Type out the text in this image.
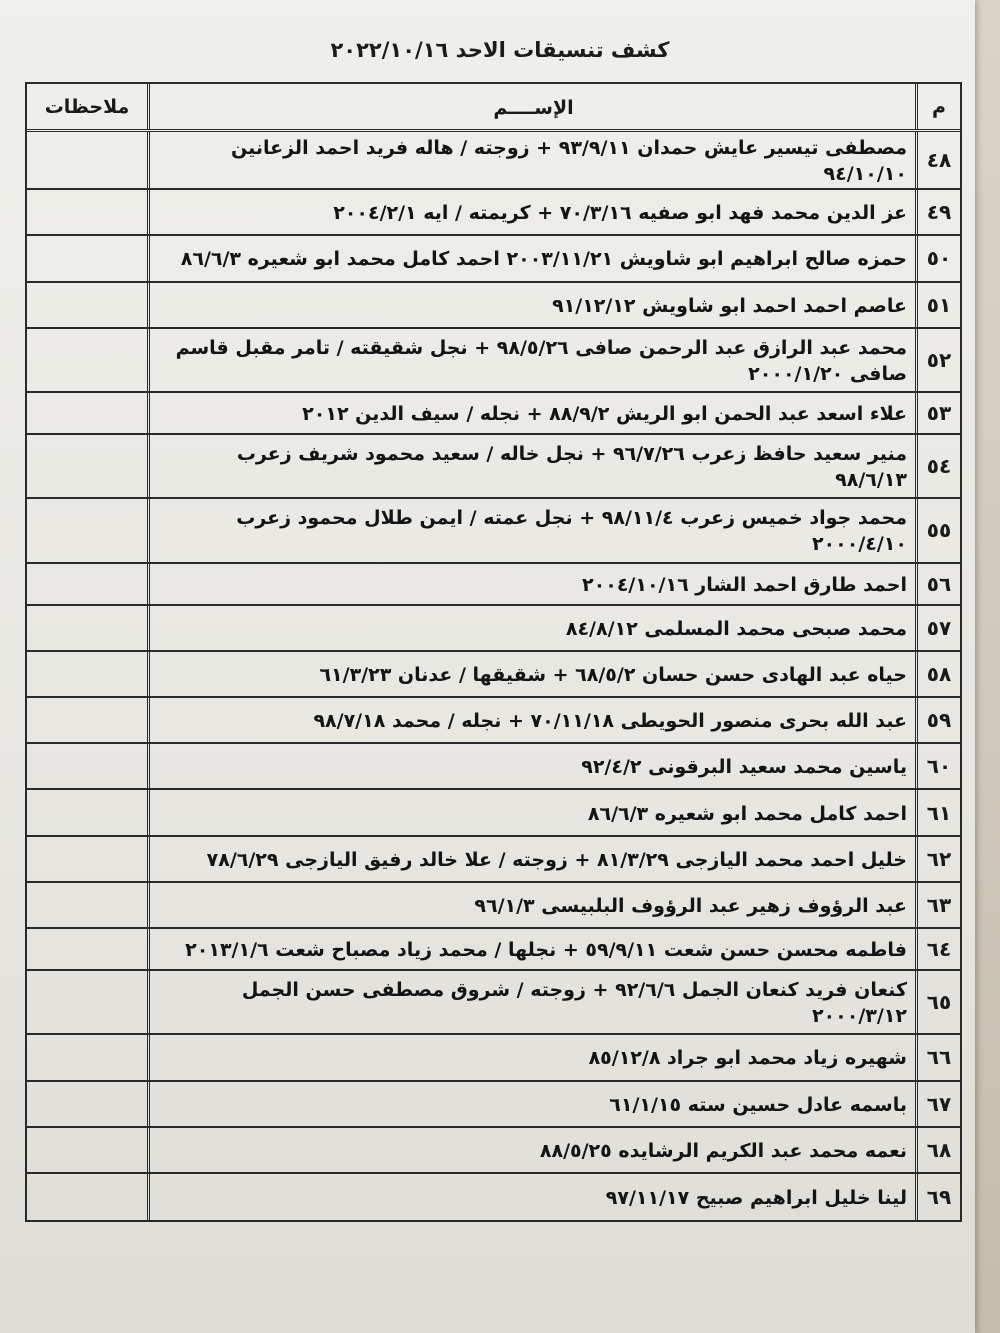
كشف تنسيقات الاحد ٢٠٢٢/١٠/١٦
م
الإســــم
ملاحظات
٤٨
مصطفى تيسير عايش حمدان ٩٣/٩/١١ + زوجته / هاله فريد احمد الزعانين ٩٤/١٠/١٠
٤٩
عز الدين محمد فهد ابو صفيه ٧٠/٣/١٦ + كريمته / ايه ٢٠٠٤/٢/١
٥٠
حمزه صالح ابراهيم ابو شاويش ٢٠٠٣/١١/٢١ احمد كامل محمد ابو شعيره ٨٦/٦/٣
٥١
عاصم احمد احمد ابو شاويش ٩١/١٢/١٢
٥٢
محمد عبد الرازق عبد الرحمن صافى ٩٨/٥/٢٦ + نجل شقيقته / تامر مقبل قاسم صافى ٢٠٠٠/١/٢٠
٥٣
علاء اسعد عبد الحمن ابو الريش ٨٨/٩/٢ + نجله / سيف الدين ٢٠١٢
٥٤
منير سعيد حافظ زعرب ٩٦/٧/٢٦ + نجل خاله / سعيد محمود شريف زعرب ٩٨/٦/١٣
٥٥
محمد جواد خميس زعرب ٩٨/١١/٤ + نجل عمته / ايمن طلال محمود زعرب ٢٠٠٠/٤/١٠
٥٦
احمد طارق احمد الشار ٢٠٠٤/١٠/١٦
٥٧
محمد صبحى محمد المسلمى ٨٤/٨/١٢
٥٨
حياه عبد الهادى حسن حسان ٦٨/٥/٢ + شقيقها / عدنان ٦١/٣/٢٣
٥٩
عبد الله بحرى منصور الحويطى ٧٠/١١/١٨ + نجله / محمد ٩٨/٧/١٨
٦٠
ياسين محمد سعيد البرقونى ٩٢/٤/٢
٦١
احمد كامل محمد ابو شعيره ٨٦/٦/٣
٦٢
خليل احمد محمد اليازجى ٨١/٣/٢٩ + زوجته / علا خالد رفيق اليازجى ٧٨/٦/٢٩
٦٣
عبد الرؤوف زهير عبد الرؤوف البلبيسى ٩٦/١/٣
٦٤
فاطمه محسن حسن شعت ٥٩/٩/١١ + نجلها / محمد زياد مصباح شعت ٢٠١٣/١/٦
٦٥
كنعان فريد كنعان الجمل ٩٢/٦/٦ + زوجته / شروق مصطفى حسن الجمل ٢٠٠٠/٣/١٢
٦٦
شهيره زياد محمد ابو جراد ٨٥/١٢/٨
٦٧
باسمه عادل حسين سته ٦١/١/١٥
٦٨
نعمه محمد عبد الكريم الرشايده ٨٨/٥/٢٥
٦٩
لينا خليل ابراهيم صبيح ٩٧/١١/١٧
